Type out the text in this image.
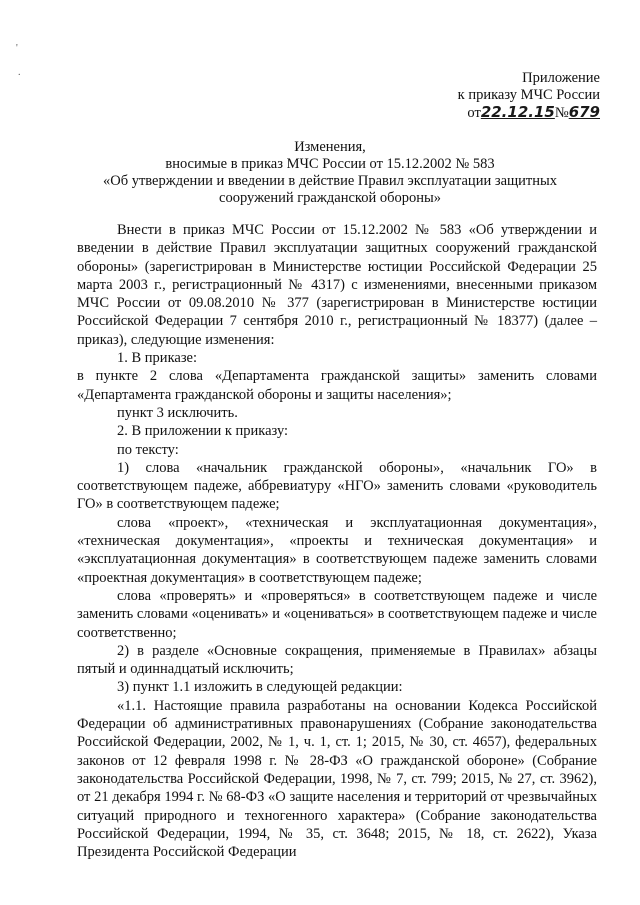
'
.	Приложение
к приказу МЧС России
от22.12.15№679
Изменения,
вносимые в приказ МЧС России от 15.12.2002 № 583
«Об утверждении и введении в действие Правил эксплуатации защитных
сооружений гражданской обороны»

Внести в приказ МЧС России от 15.12.2002 № 583 «Об утверждении и введении в действие Правил эксплуатации защитных сооружений гражданской обороны» (зарегистрирован в Министерстве юстиции Российской Федерации 25 марта 2003 г., регистрационный № 4317) с изменениями, внесенными приказом МЧС России от 09.08.2010 № 377 (зарегистрирован в Министерстве юстиции Российской Федерации 7 сентября 2010 г., регистрационный № 18377) (далее – приказ), следующие изменения:

1. В приказе:

в пункте 2 слова «Департамента гражданской защиты» заменить словами «Департамента гражданской обороны и защиты населения»;

пункт 3 исключить.

2. В приложении к приказу:

по тексту:

1) слова «начальник гражданской обороны», «начальник ГО» в соответствующем падеже, аббревиатуру «НГО» заменить словами «руководитель ГО» в соответствующем падеже;

слова «проект», «техническая и эксплуатационная документация», «техническая документация», «проекты и техническая документация» и «эксплуатационная документация» в соответствующем падеже заменить словами «проектная документация» в соответствующем падеже;

слова «проверять» и «проверяться» в соответствующем падеже и числе заменить словами «оценивать» и «оцениваться» в соответствующем падеже и числе соответственно;

2) в разделе «Основные сокращения, применяемые в Правилах» абзацы пятый и одиннадцатый исключить;

3) пункт 1.1 изложить в следующей редакции:

«1.1. Настоящие правила разработаны на основании Кодекса Российской Федерации об административных правонарушениях (Собрание законодательства Российской Федерации, 2002, № 1, ч. 1, ст. 1; 2015, № 30, ст. 4657), федеральных законов от 12 февраля 1998 г. № 28-ФЗ «О гражданской обороне» (Собрание законодательства Российской Федерации, 1998, № 7, ст. 799; 2015, № 27, ст. 3962), от 21 декабря 1994 г. № 68-ФЗ «О защите населения и территорий от чрезвычайных ситуаций природного и техногенного характера» (Собрание законодательства Российской Федерации, 1994, № 35, ст. 3648; 2015, № 18, ст. 2622), Указа Президента Российской Федерации
